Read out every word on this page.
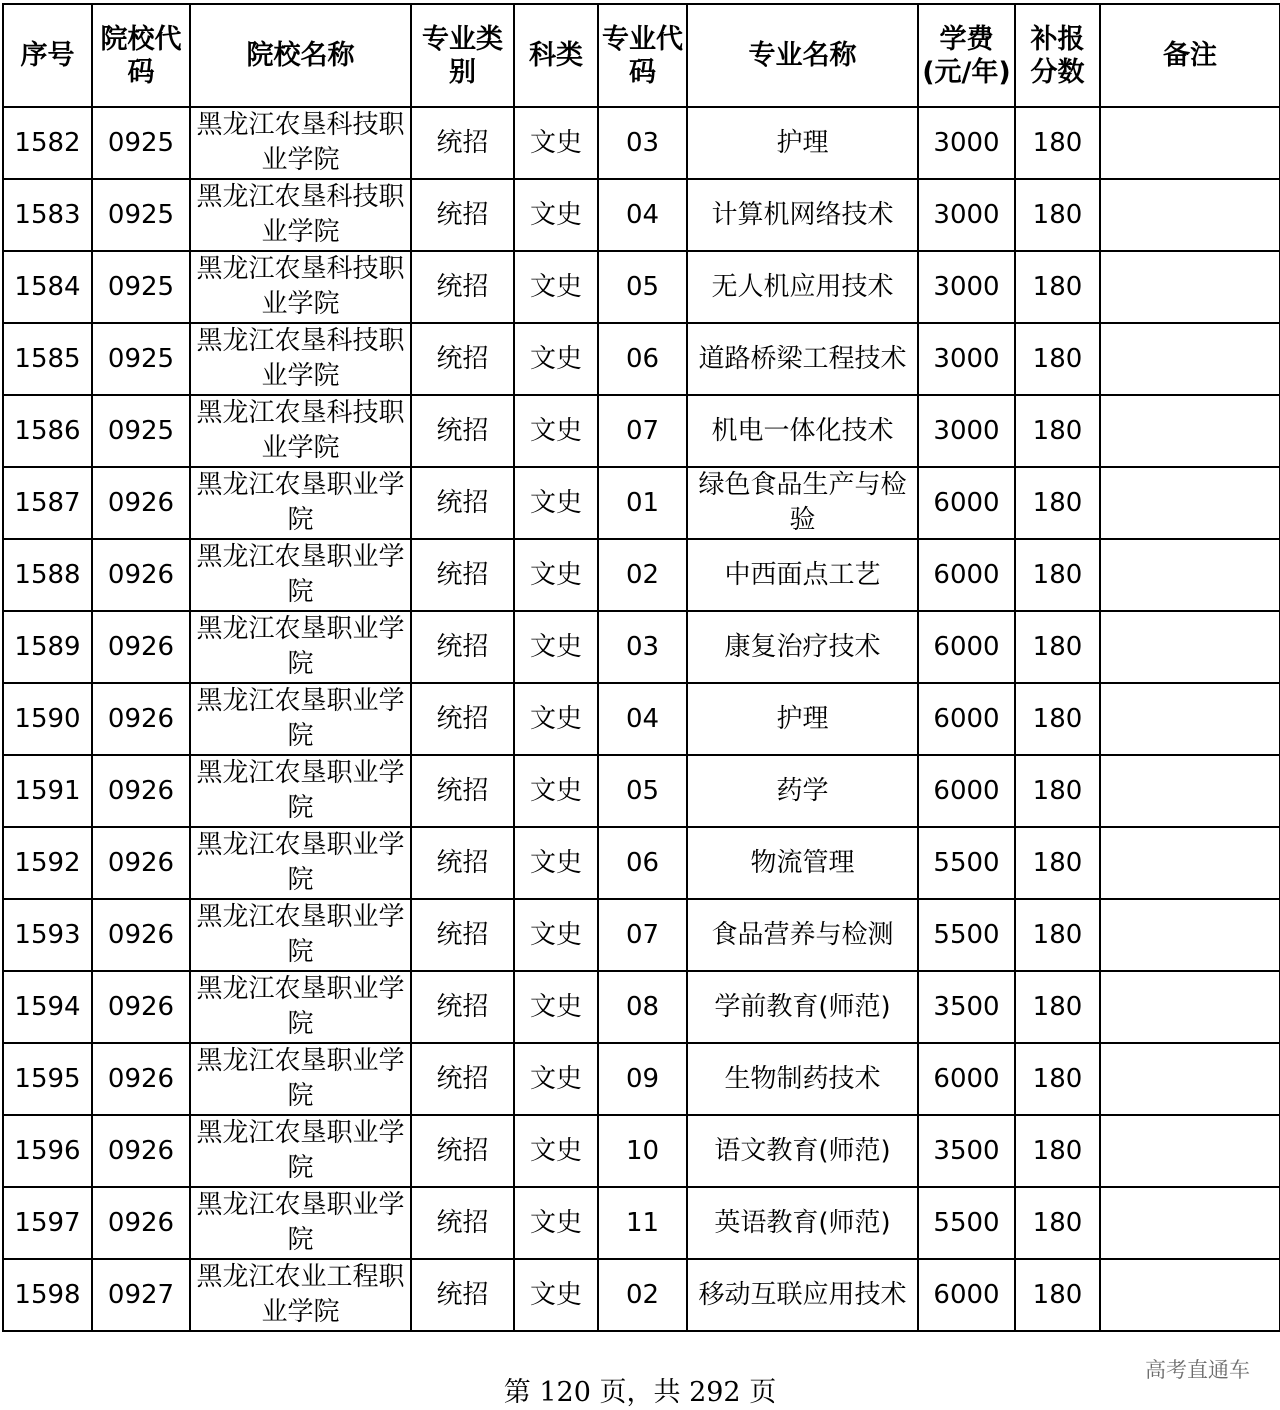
序号	院校代码	院校名称	专业类别	科类	专业代码	专业名称	学费(元/年)	补报分数	备注
1582	0925	黑龙江农垦科技职业学院	统招	文史	03	护理	3000	180	
1583	0925	黑龙江农垦科技职业学院	统招	文史	04	计算机网络技术	3000	180	
1584	0925	黑龙江农垦科技职业学院	统招	文史	05	无人机应用技术	3000	180	
1585	0925	黑龙江农垦科技职业学院	统招	文史	06	道路桥梁工程技术	3000	180	
1586	0925	黑龙江农垦科技职业学院	统招	文史	07	机电一体化技术	3000	180	
1587	0926	黑龙江农垦职业学院	统招	文史	01	绿色食品生产与检验	6000	180	
1588	0926	黑龙江农垦职业学院	统招	文史	02	中西面点工艺	6000	180	
1589	0926	黑龙江农垦职业学院	统招	文史	03	康复治疗技术	6000	180	
1590	0926	黑龙江农垦职业学院	统招	文史	04	护理	6000	180	
1591	0926	黑龙江农垦职业学院	统招	文史	05	药学	6000	180	
1592	0926	黑龙江农垦职业学院	统招	文史	06	物流管理	5500	180	
1593	0926	黑龙江农垦职业学院	统招	文史	07	食品营养与检测	5500	180	
1594	0926	黑龙江农垦职业学院	统招	文史	08	学前教育(师范)	3500	180	
1595	0926	黑龙江农垦职业学院	统招	文史	09	生物制药技术	6000	180	
1596	0926	黑龙江农垦职业学院	统招	文史	10	语文教育(师范)	3500	180	
1597	0926	黑龙江农垦职业学院	统招	文史	11	英语教育(师范)	5500	180	
1598	0927	黑龙江农业工程职业学院	统招	文史	02	移动互联应用技术	6000	180	
第 120 页，共 292 页
高考直通车
